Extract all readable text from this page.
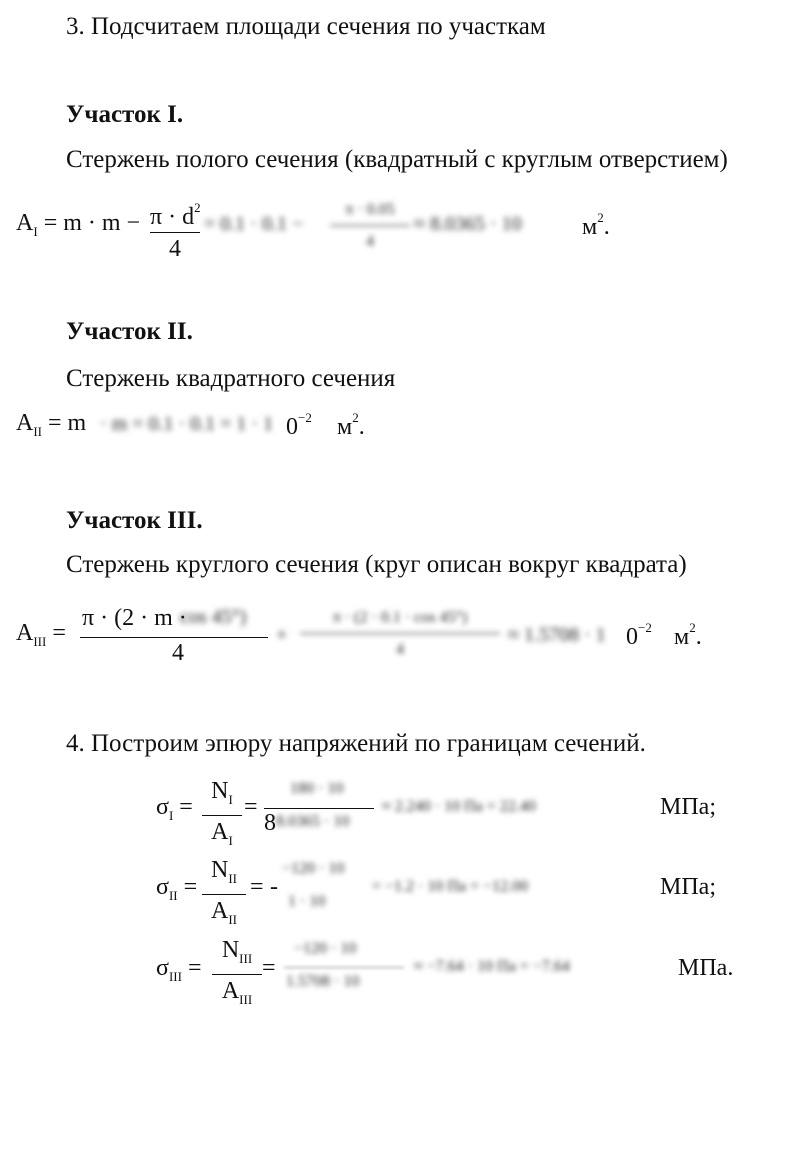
3. Подсчитаем площади сечения по участкам
Участок I.
Стержень полого сечения (квадратный с круглым отверстием)
$A_I = m \cdot m - \pi \cdot d^2$
4
= 0.1 · 0.1 −
π · 0.05
4
≈ 8.0365 · 10	$м^2$.
Участок II.
Стержень квадратного сечения
$A_{II} = m \cdot m = 0.1 \cdot 0.1 = 1 \cdot 1$ $0^{-2}$ $м^2$.
Участок III.
Стержень круглого сечения (круг описан вокруг квадрата)
$A_{III}$ =
π · (2 · m ·
4
cos 45°)
+
π · (2 · 0.1 · cos 45°)
4
≈ 1.5708 · 1 $0^{-2}$ $м^2$.
4. Построим эпюру напряжений по границам сечений.
$\sigma_I$ =
$N_I$
$A_I$
=
8
180 · 10
8.0365 · 10
≈ 2.240 · 10 Па = 22.40	МПа;
$\sigma_{II}$ =
$N_{II}$
$A_{II}$
= -
−120 · 10
1 · 10
= −1.2 · 10 Па = −12.00	МПа;
$\sigma_{III}$ =
$N_{III}$
$A_{III}$
=
−120 · 10
1.5708 · 10
≈ −7.64 · 10 Па = −7.64	МПа.
